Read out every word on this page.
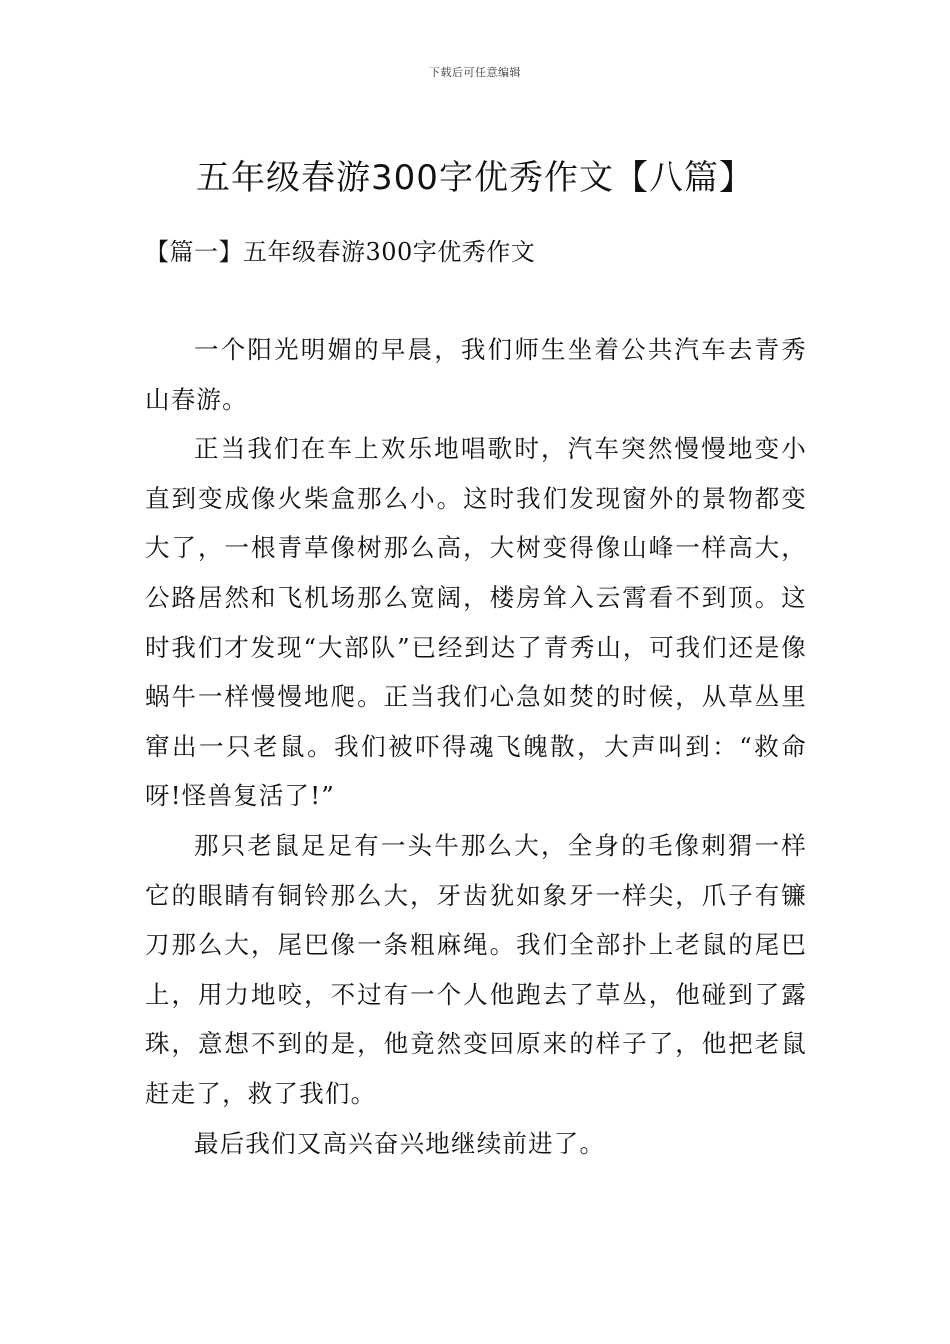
下载后可任意编辑
五年级春游300字优秀作文【八篇】
【篇一】五年级春游300字优秀作文

一个阳光明媚的早晨，我们师生坐着公共汽车去青秀山春游。

正当我们在车上欢乐地唱歌时，汽车突然慢慢地变小直到变成像火柴盒那么小。这时我们发现窗外的景物都变大了，一根青草像树那么高，大树变得像山峰一样高大，公路居然和飞机场那么宽阔，楼房耸入云霄看不到顶。这时我们才发现“大部队”已经到达了青秀山，可我们还是像蜗牛一样慢慢地爬。正当我们心急如焚的时候，从草丛里窜出一只老鼠。我们被吓得魂飞魄散，大声叫到：“救命呀!怪兽复活了!”

那只老鼠足足有一头牛那么大，全身的毛像刺猬一样它的眼睛有铜铃那么大，牙齿犹如象牙一样尖，爪子有镰刀那么大，尾巴像一条粗麻绳。我们全部扑上老鼠的尾巴上，用力地咬，不过有一个人他跑去了草丛，他碰到了露珠，意想不到的是，他竟然变回原来的样子了，他把老鼠赶走了，救了我们。

最后我们又高兴奋兴地继续前进了。
